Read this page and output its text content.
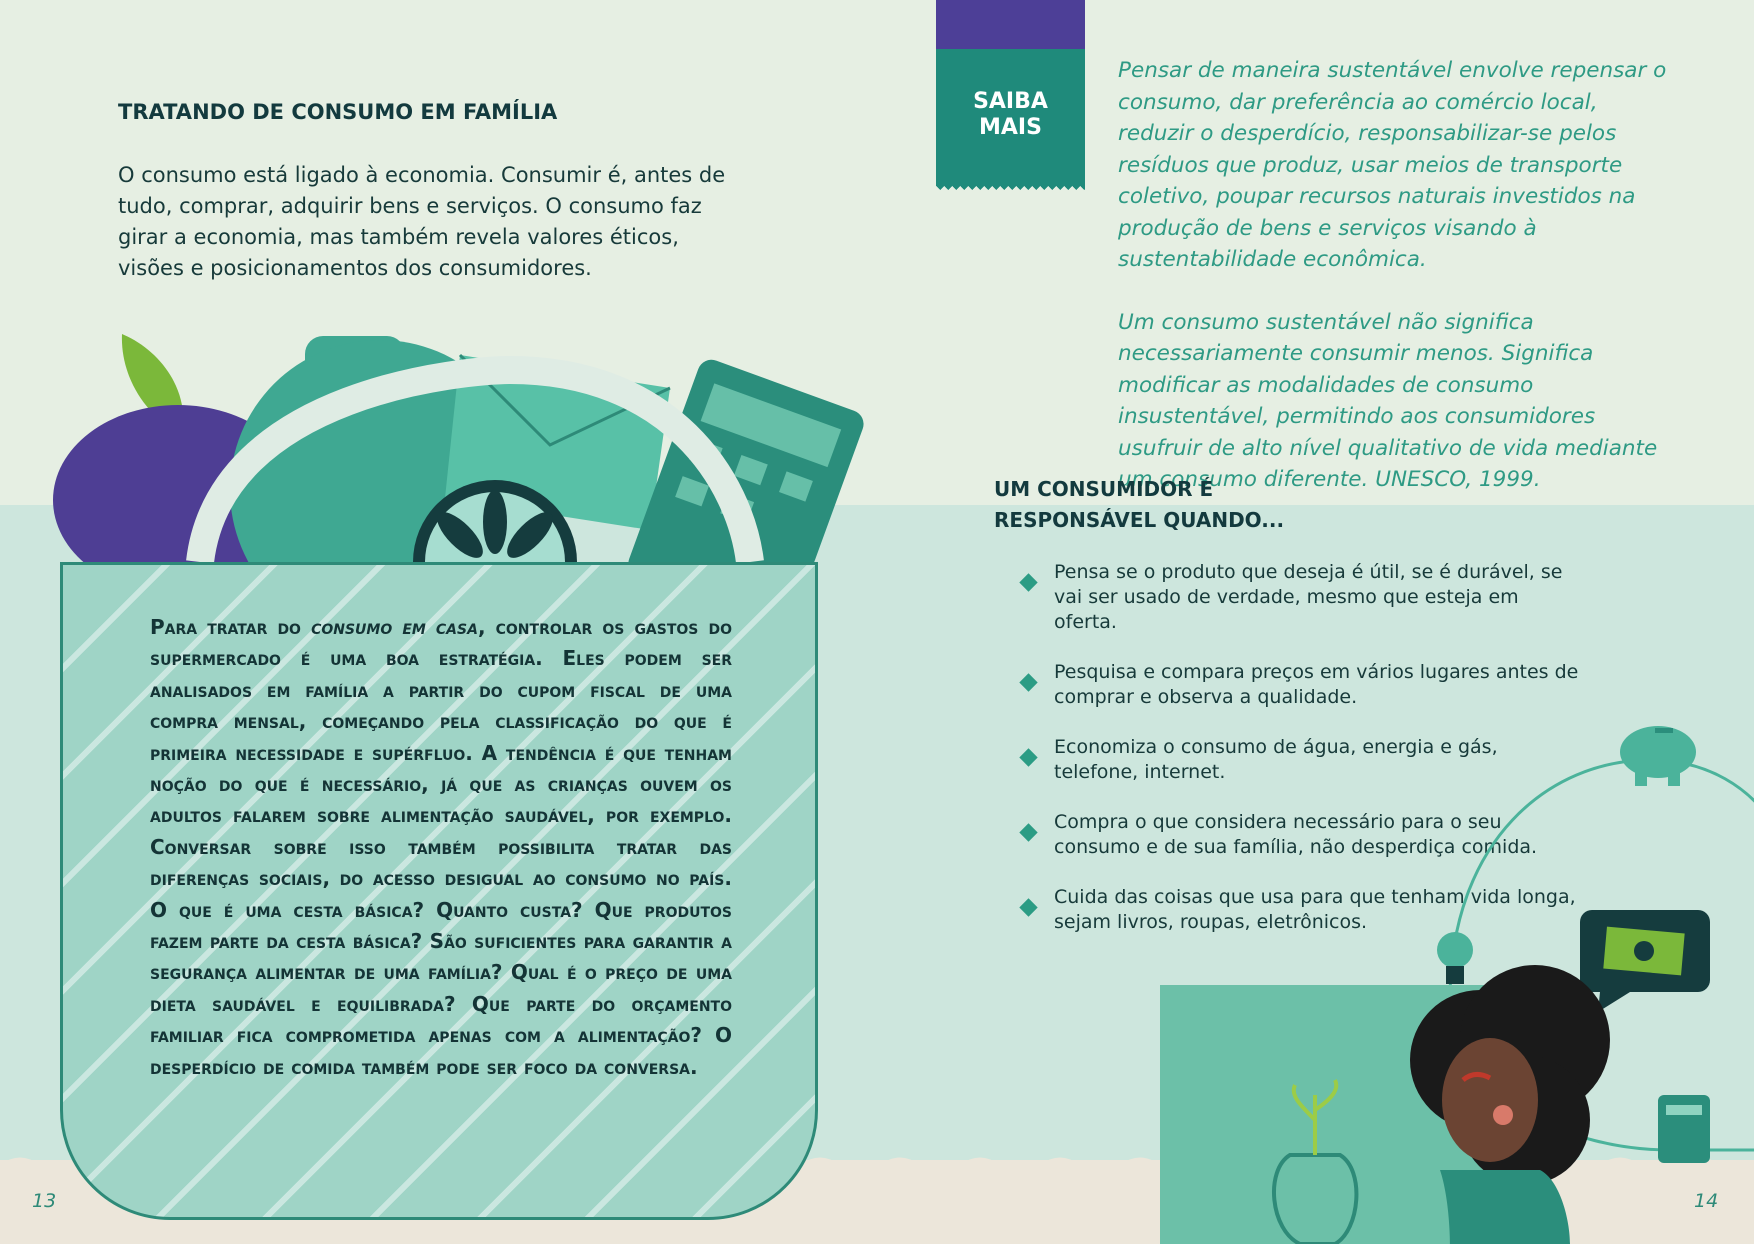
TRATANDO DE CONSUMO EM FAMÍLIA
O consumo está ligado à economia. Consumir é, antes de tudo, comprar, adquirir bens e serviços. O consumo faz girar a economia, mas também revela valores éticos, visões e posicionamentos dos consumidores.
Para tratar do consumo em casa, controlar os gastos do supermercado é uma boa estratégia. Eles podem ser analisados em família a partir do cupom fiscal de uma compra mensal, começando pela classificação do que é primeira necessidade e supérfluo. A tendência é que tenham noção do que é necessário, já que as crianças ouvem os adultos falarem sobre alimentação saudável, por exemplo. Conversar sobre isso também possibilita tratar das diferenças sociais, do acesso desigual ao consumo no país. O que é uma cesta básica? Quanto custa? Que produtos fazem parte da cesta básica? São suficientes para garantir a segurança alimentar de uma família? Qual é o preço de uma dieta saudável e equilibrada? Que parte do orçamento familiar fica comprometida apenas com a alimentação? O desperdício de comida também pode ser foco da conversa.
13
SAIBA
MAIS

Pensar de maneira sustentável envolve repensar o consumo, dar preferência ao comércio local, reduzir o desperdício, responsabilizar-se pelos resíduos que produz, usar meios de transporte coletivo, poupar recursos naturais investidos na produção de bens e serviços visando à sustentabilidade econômica.

Um consumo sustentável não significa necessariamente consumir menos. Significa modificar as modalidades de consumo insustentável, permitindo aos consumidores usufruir de alto nível qualitativo de vida mediante um consumo diferente. UNESCO, 1999.

UM CONSUMIDOR É
RESPONSÁVEL QUANDO...
Pensa se o produto que deseja é útil, se é durável, se vai ser usado de verdade, mesmo que esteja em oferta.
Pesquisa e compara preços em vários lugares antes de comprar e observa a qualidade.
Economiza o consumo de água, energia e gás, telefone, internet.
Compra o que considera necessário para o seu consumo e de sua família, não desperdiça comida.
Cuida das coisas que usa para que tenham vida longa, sejam livros, roupas, eletrônicos.
14
